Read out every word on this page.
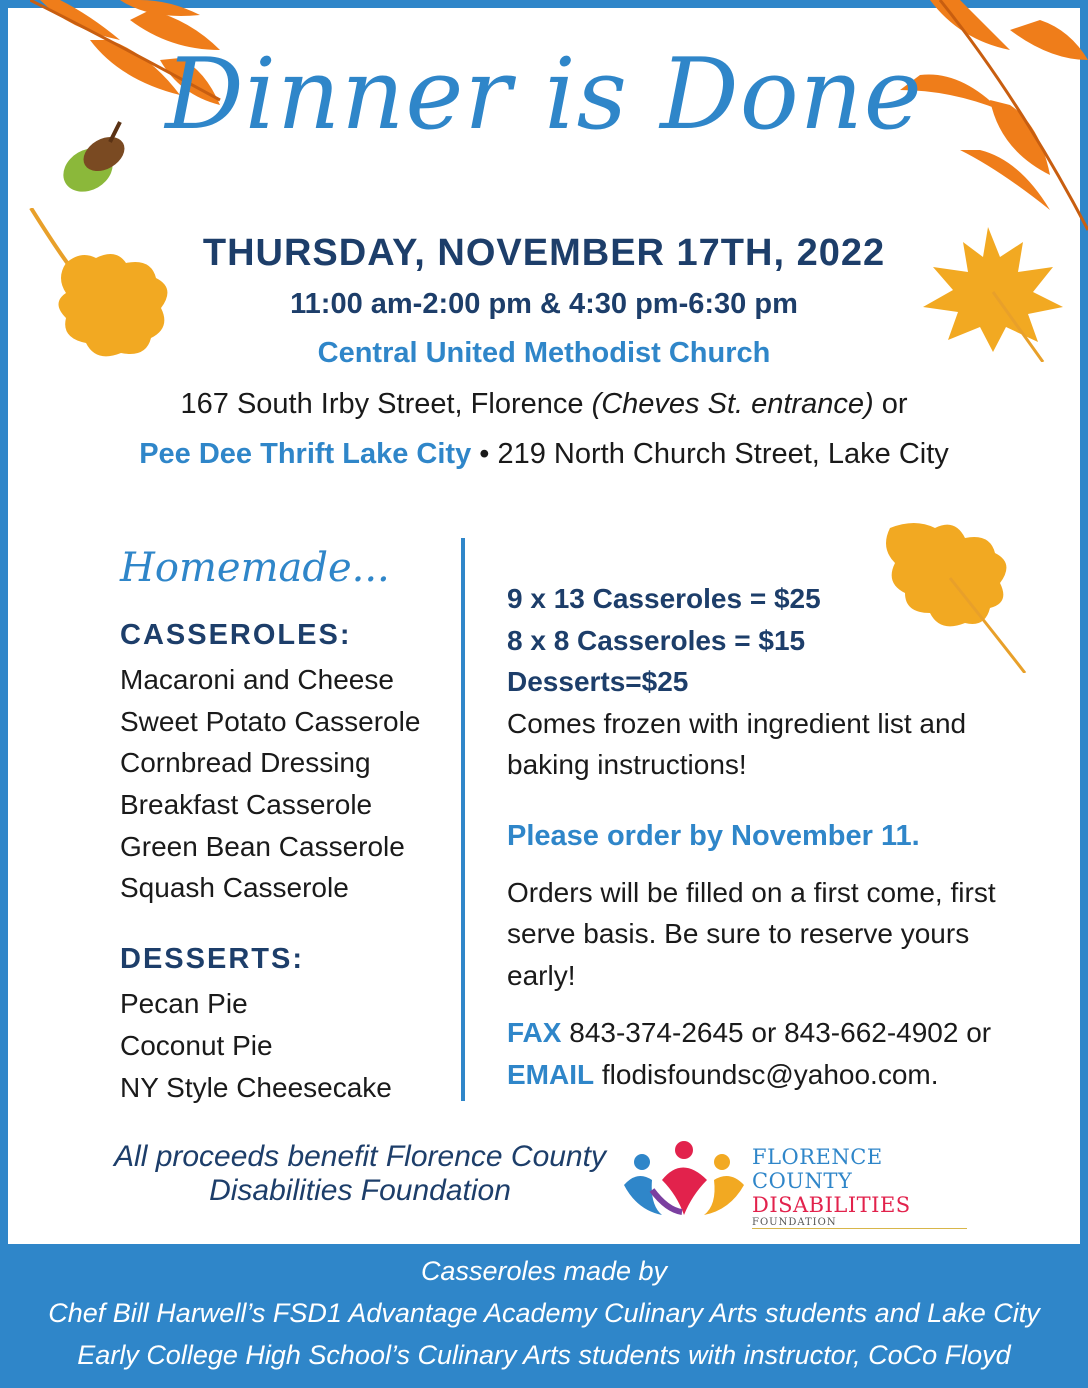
Dinner is Done
THURSDAY, NOVEMBER 17TH, 2022
11:00 am-2:00 pm & 4:30 pm-6:30 pm
Central United Methodist Church
167 South Irby Street, Florence (Cheves St. entrance) or
Pee Dee Thrift Lake City • 219 North Church Street, Lake City
Homemade...
CASSEROLES:
Macaroni and Cheese
Sweet Potato Casserole
Cornbread Dressing
Breakfast Casserole
Green Bean Casserole
Squash Casserole
DESSERTS:
Pecan Pie
Coconut Pie
NY Style Cheesecake
9 x 13 Casseroles = $25
8 x 8 Casseroles = $15
Desserts=$25
Comes frozen with ingredient list and baking instructions!
Please order by November 11.
Orders will be filled on a first come, first serve basis. Be sure to reserve yours early!
FAX 843-374-2645 or 843-662-4902 or
EMAIL flodisfoundsc@yahoo.com.
All proceeds benefit Florence County
Disabilities Foundation
FLORENCE COUNTY
DISABILITIES
FOUNDATION
Casseroles made by
Chef Bill Harwell’s FSD1 Advantage Academy Culinary Arts students and Lake City
Early College High School’s Culinary Arts students with instructor, CoCo Floyd
